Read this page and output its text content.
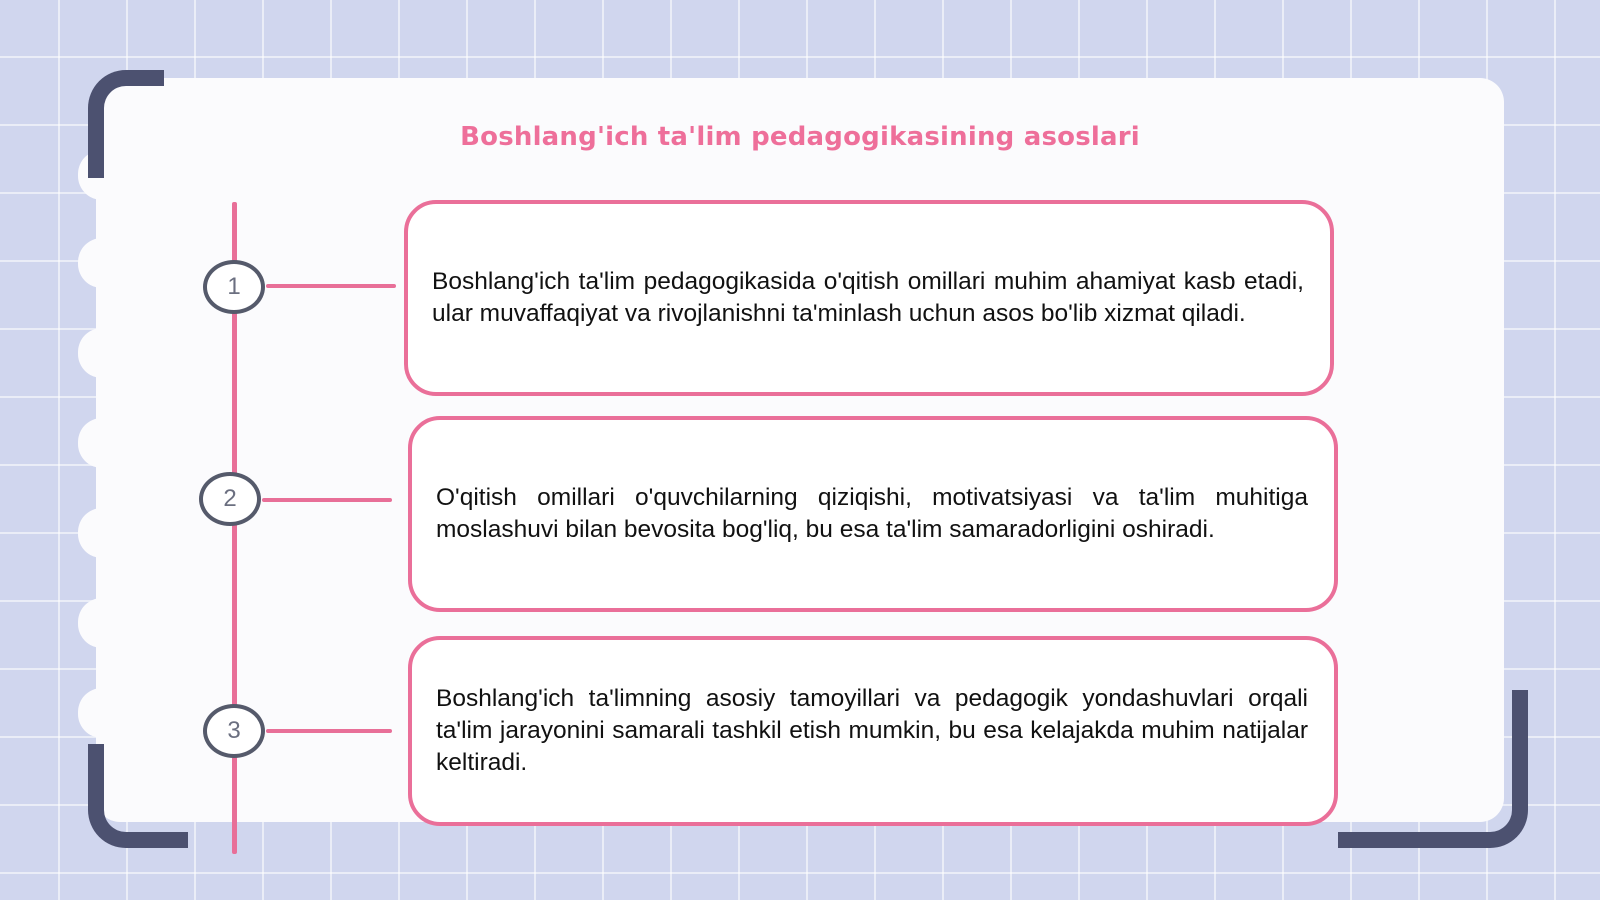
Boshlang'ich ta'lim pedagogikasining asoslari
1
2
3

Boshlang'ich ta'lim pedagogikasida o'qitish omillari muhim ahamiyat kasb etadi, ular muvaffaqiyat va rivojlanishni ta'minlash uchun asos bo'lib xizmat qiladi.

O'qitish omillari o'quvchilarning qiziqishi, motivatsiyasi va ta'lim muhitiga moslashuvi bilan bevosita bog'liq, bu esa ta'lim samaradorligini oshiradi.

Boshlang'ich ta'limning asosiy tamoyillari va pedagogik yondashuvlari orqali ta'lim jarayonini samarali tashkil etish mumkin, bu esa kelajakda muhim natijalar keltiradi.
